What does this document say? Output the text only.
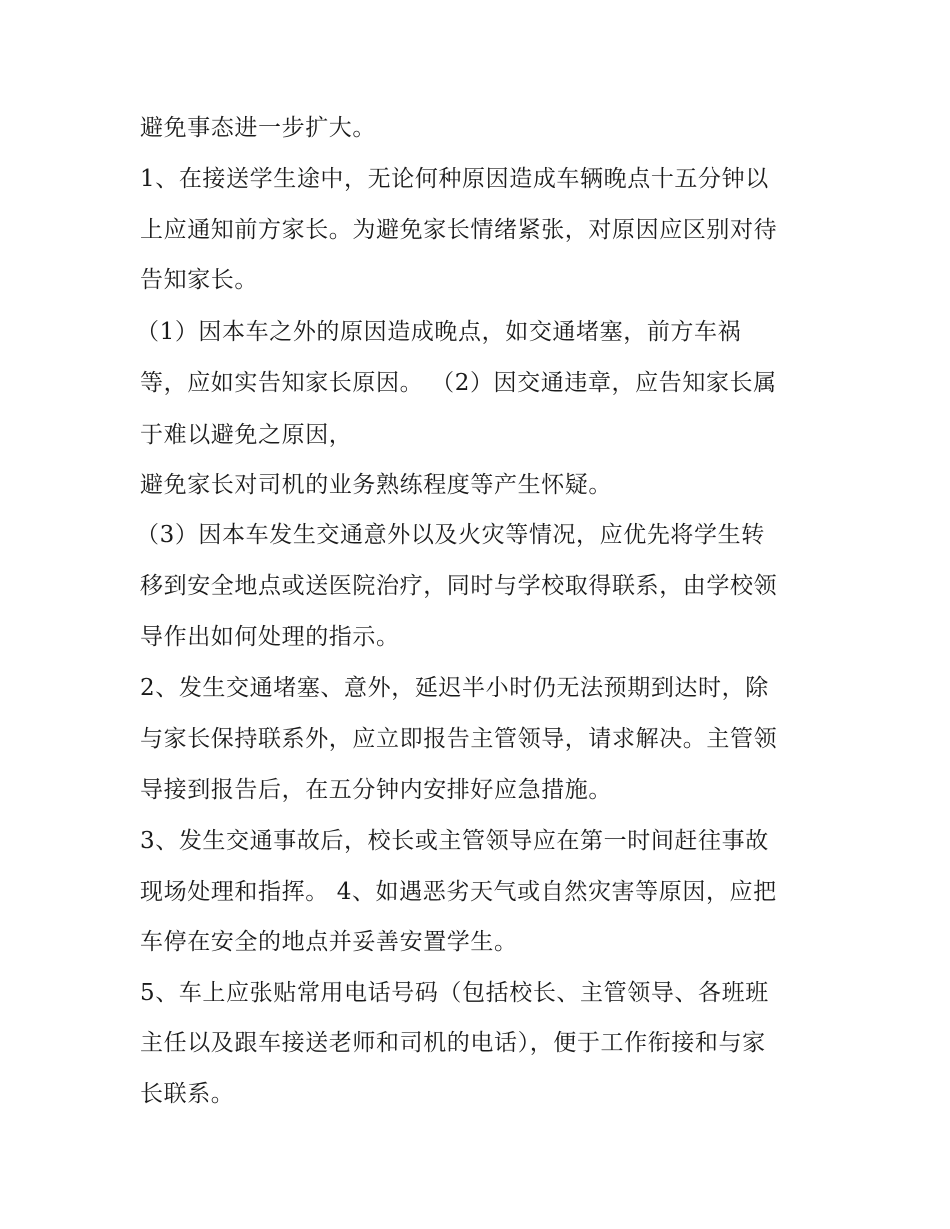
避免事态进一步扩大。

1、在接送学生途中，无论何种原因造成车辆晚点十五分钟以

上应通知前方家长。为避免家长情绪紧张，对原因应区别对待

告知家长。

（1）因本车之外的原因造成晚点，如交通堵塞，前方车祸

等，应如实告知家长原因。 （2）因交通违章，应告知家长属

于难以避免之原因，

避免家长对司机的业务熟练程度等产生怀疑。

（3）因本车发生交通意外以及火灾等情况，应优先将学生转

移到安全地点或送医院治疗，同时与学校取得联系，由学校领

导作出如何处理的指示。

2、发生交通堵塞、意外，延迟半小时仍无法预期到达时，除

与家长保持联系外，应立即报告主管领导，请求解决。主管领

导接到报告后，在五分钟内安排好应急措施。

3、发生交通事故后，校长或主管领导应在第一时间赶往事故

现场处理和指挥。 4、如遇恶劣天气或自然灾害等原因，应把

车停在安全的地点并妥善安置学生。

5、车上应张贴常用电话号码（包括校长、主管领导、各班班

主任以及跟车接送老师和司机的电话），便于工作衔接和与家

长联系。
